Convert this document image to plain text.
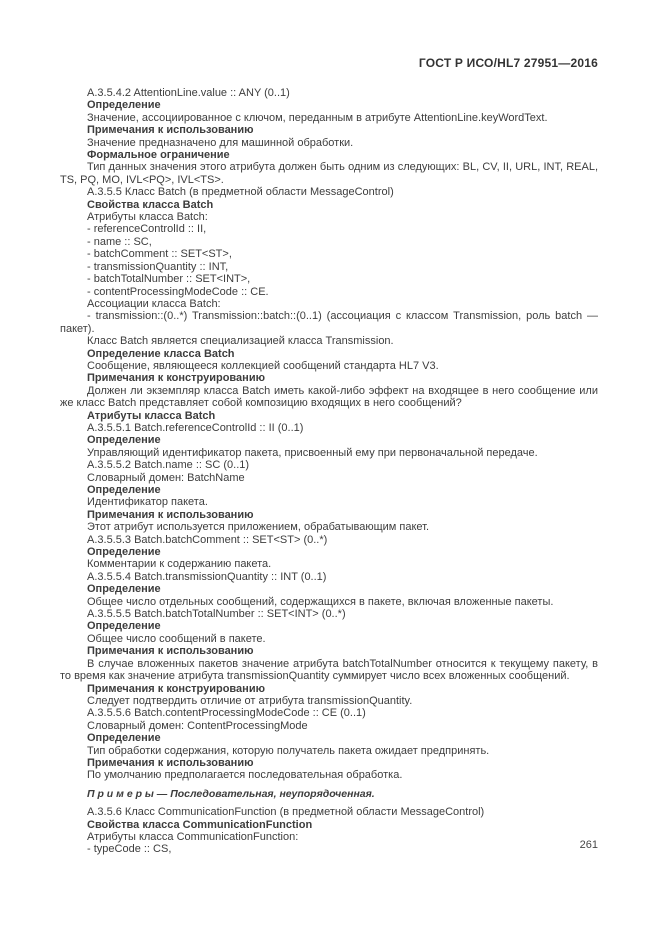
ГОСТ Р ИСО/HL7 27951—2016

A.3.5.4.2 AttentionLine.value :: ANY (0..1)

Определение

Значение, ассоциированное с ключом, переданным в атрибуте AttentionLine.keyWordText.

Примечания к использованию

Значение предназначено для машинной обработки.

Формальное ограничение

Тип данных значения этого атрибута должен быть одним из следующих: BL, CV, II, URL, INT, REAL, TS, PQ, MO, IVL<PQ>, IVL<TS>.

A.3.5.5 Класс Batch (в предметной области MessageControl)

Свойства класса Batch

Атрибуты класса Batch:

- referenceControlId :: II,

- name :: SC,

- batchComment :: SET<ST>,

- transmissionQuantity :: INT,

- batchTotalNumber :: SET<INT>,

- contentProcessingModeCode :: CE.

Ассоциации класса Batch:

- transmission::(0..*) Transmission::batch::(0..1) (ассоциация с классом Transmission, роль batch — пакет).

Класс Batch является специализацией класса Transmission.

Определение класса Batch

Сообщение, являющееся коллекцией сообщений стандарта HL7 V3.

Примечания к конструированию

Должен ли экземпляр класса Batch иметь какой-либо эффект на входящее в него сообщение или же класс Batch представляет собой композицию входящих в него сообщений?

Атрибуты класса Batch

A.3.5.5.1 Batch.referenceControlId :: II (0..1)

Определение

Управляющий идентификатор пакета, присвоенный ему при первоначальной передаче.

A.3.5.5.2 Batch.name :: SC (0..1)

Словарный домен: BatchName

Определение

Идентификатор пакета.

Примечания к использованию

Этот атрибут используется приложением, обрабатывающим пакет.

A.3.5.5.3 Batch.batchComment :: SET<ST> (0..*)

Определение

Комментарии к содержанию пакета.

A.3.5.5.4 Batch.transmissionQuantity :: INT (0..1)

Определение

Общее число отдельных сообщений, содержащихся в пакете, включая вложенные пакеты.

A.3.5.5.5 Batch.batchTotalNumber :: SET<INT> (0..*)

Определение

Общее число сообщений в пакете.

Примечания к использованию

В случае вложенных пакетов значение атрибута batchTotalNumber относится к текущему пакету, в то время как значение атрибута transmissionQuantity суммирует число всех вложенных сообщений.

Примечания к конструированию

Следует подтвердить отличие от атрибута transmissionQuantity.

A.3.5.5.6 Batch.contentProcessingModeCode :: CE (0..1)

Словарный домен: ContentProcessingMode

Определение

Тип обработки содержания, которую получатель пакета ожидает предпринять.

Примечания к использованию

По умолчанию предполагается последовательная обработка.

П р и м е р ы — Последовательная, неупорядоченная.

A.3.5.6 Класс CommunicationFunction (в предметной области MessageControl)

Свойства класса CommunicationFunction

Атрибуты класса CommunicationFunction:

- typeCode :: CS,	261
